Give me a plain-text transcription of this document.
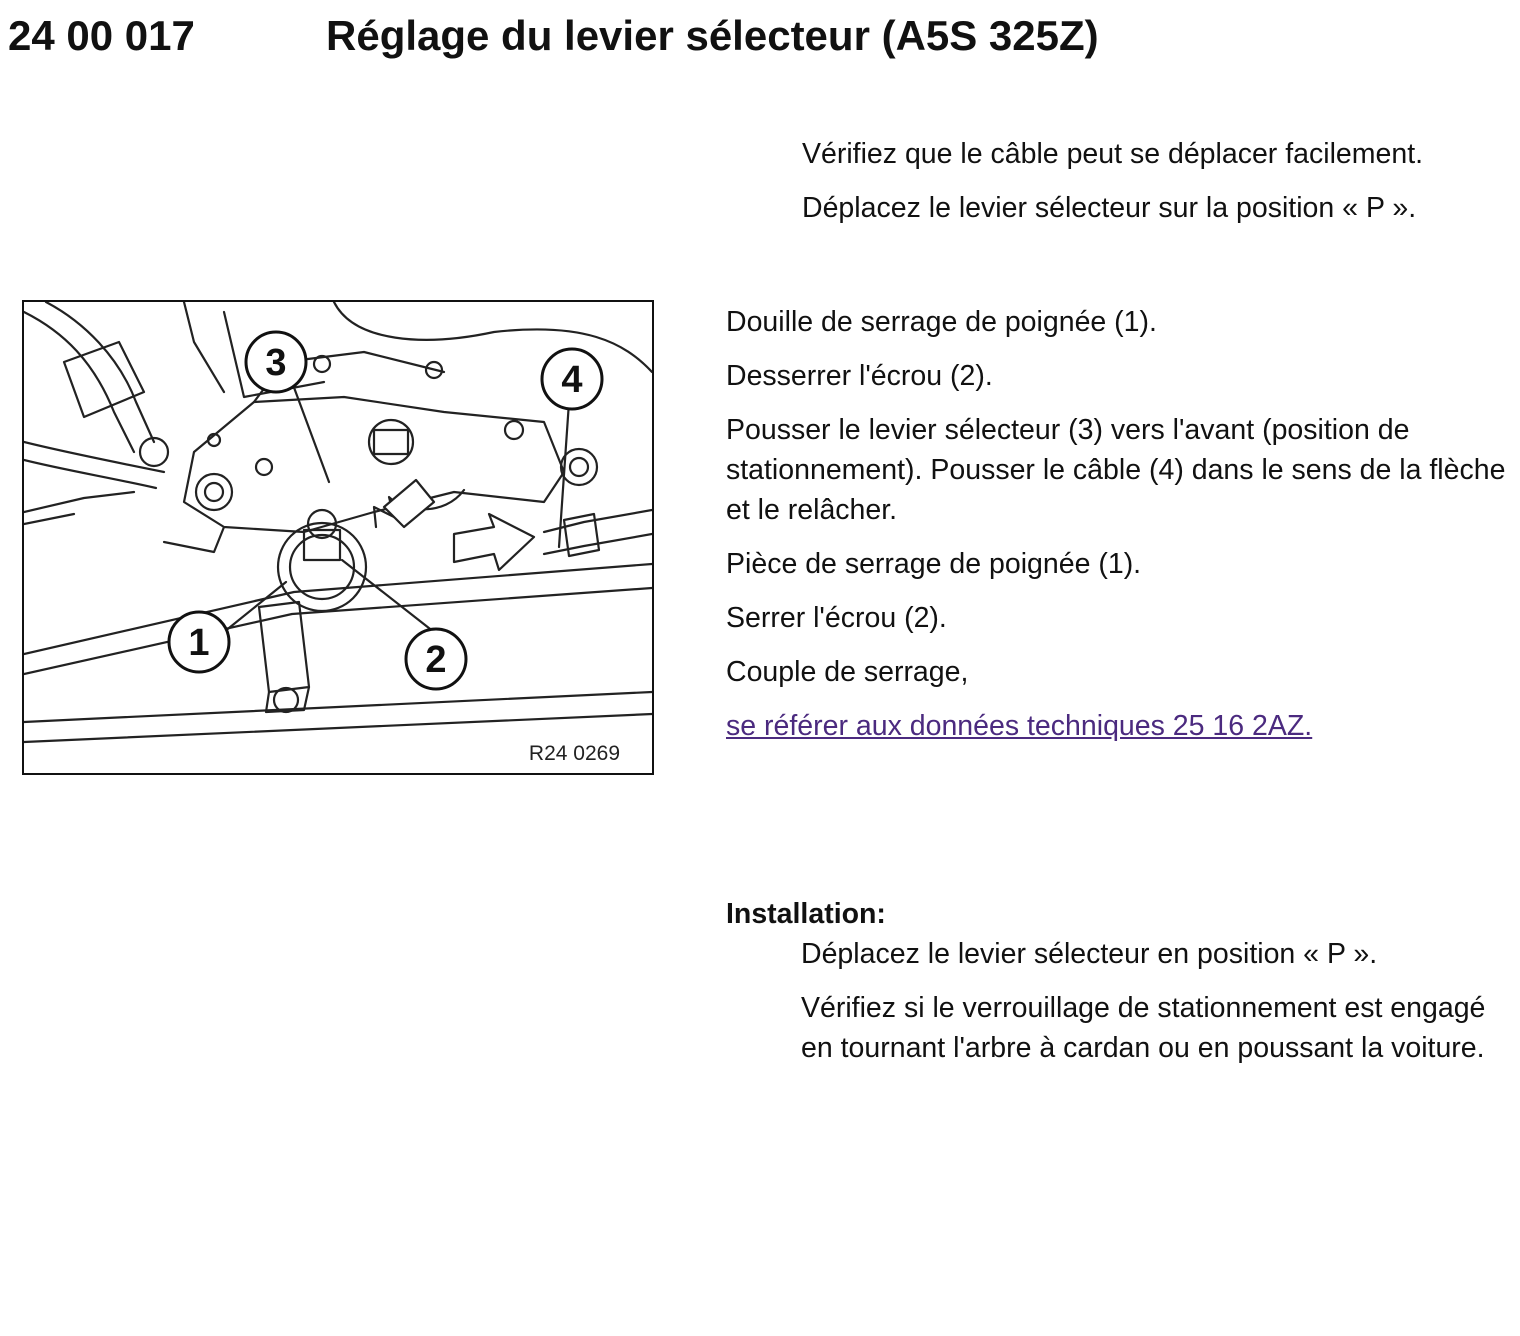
24 00 017	Réglage du levier sélecteur (A5S 325Z)

Vérifiez que le câble peut se déplacer facilement.

Déplacez le levier sélecteur sur la position « P ».

3	4
1	2
R24 0269

Douille de serrage de poignée (1).

Desserrer l'écrou (2).

Pousser le levier sélecteur (3) vers l'avant (position de stationnement). Pousser le câble (4) dans le sens de la flèche et le relâcher.

Pièce de serrage de poignée (1).

Serrer l'écrou (2).

Couple de serrage,

se référer aux données techniques 25 16 2AZ.
Installation:

Déplacez le levier sélecteur en position « P ».

Vérifiez si le verrouillage de stationnement est engagé en tournant l'arbre à cardan ou en poussant la voiture.
